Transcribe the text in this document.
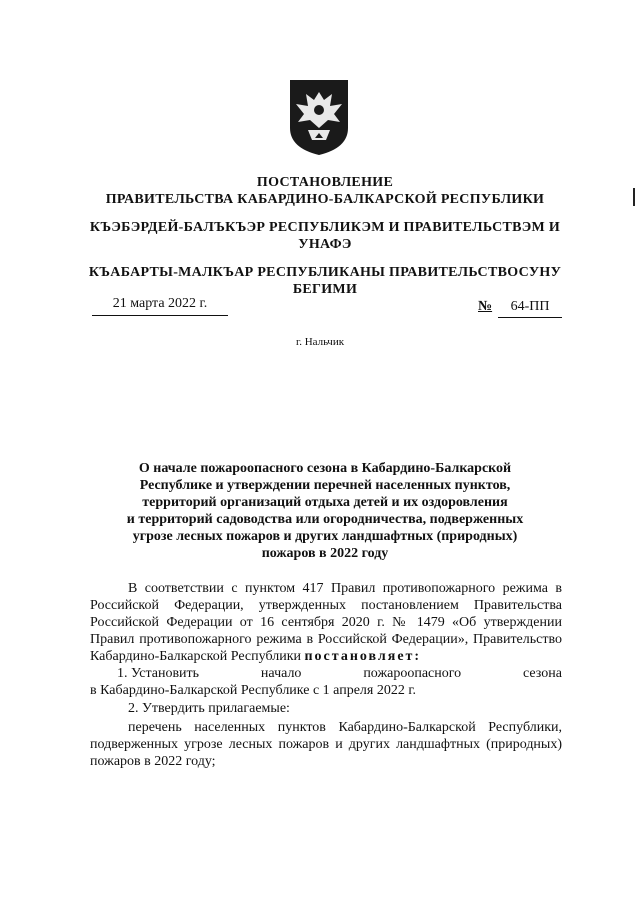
ПОСТАНОВЛЕНИЕ
ПРАВИТЕЛЬСТВА КАБАРДИНО-БАЛКАРСКОЙ РЕСПУБЛИКИ
КЪЭБЭРДЕЙ-БАЛЪКЪЭР РЕСПУБЛИКЭМ И ПРАВИТЕЛЬСТВЭМ И
УНАФЭ
КЪАБАРТЫ-МАЛКЪАР РЕСПУБЛИКАНЫ ПРАВИТЕЛЬСТВОСУНУ
БЕГИМИ
21 марта 2022 г.	№ 64-ПП
г. Нальчик
О начале пожароопасного сезона в Кабардино-Балкарской
Республике и утверждении перечней населенных пунктов,
территорий организаций отдыха детей и их оздоровления
и территорий садоводства или огородничества, подверженных
угрозе лесных пожаров и других ландшафтных (природных)
пожаров в 2022 году
В соответствии с пунктом 417 Правил противопожарного режима в Российской Федерации, утвержденных постановлением Правительства Российской Федерации от 16 сентября 2020 г. № 1479 «Об утверждении Правил противопожарного режима в Российской Федерации», Правительство Кабардино-Балкарской Республики постановляет:
1. Установить	начало	пожароопасного	сезона
в Кабардино-Балкарской Республике с 1 апреля 2022 г.
2. Утвердить прилагаемые:
перечень населенных пунктов Кабардино-Балкарской Республики, подверженных угрозе лесных пожаров и других ландшафтных (природных) пожаров в 2022 году;
